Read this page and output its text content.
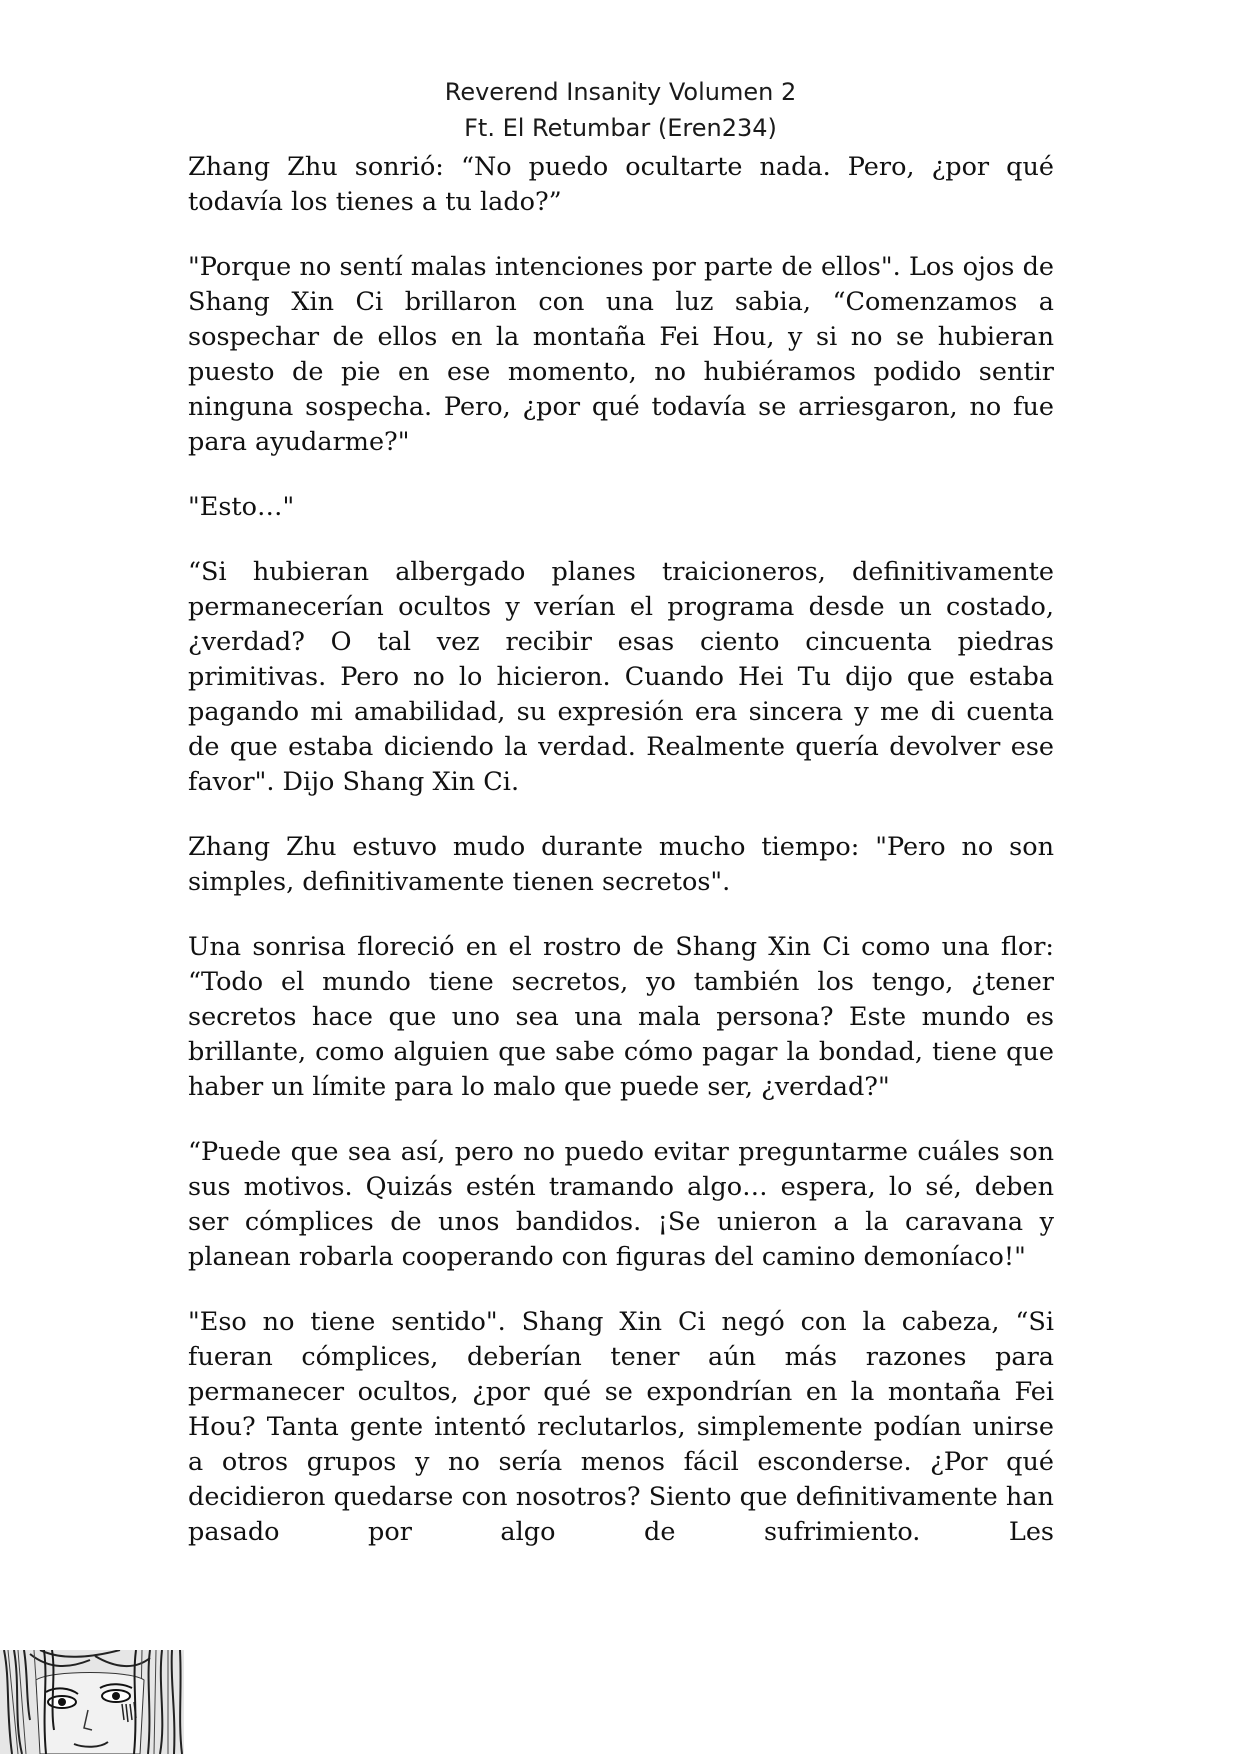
Reverend Insanity Volumen 2
Ft. El Retumbar (Eren234)

Zhang Zhu sonrió: “No puedo ocultarte nada. Pero, ¿por qué todavía los tienes a tu lado?”

"Porque no sentí malas intenciones por parte de ellos". Los ojos de Shang Xin Ci brillaron con una luz sabia, “Comenzamos a sospechar de ellos en la montaña Fei Hou, y si no se hubieran puesto de pie en ese momento, no hubiéramos podido sentir ninguna sospecha. Pero, ¿por qué todavía se arriesgaron, no fue para ayudarme?"

"Esto…"

“Si hubieran albergado planes traicioneros, definitivamente permanecerían ocultos y verían el programa desde un costado, ¿verdad? O tal vez recibir esas ciento cincuenta piedras primitivas. Pero no lo hicieron. Cuando Hei Tu dijo que estaba pagando mi amabilidad, su expresión era sincera y me di cuenta de que estaba diciendo la verdad. Realmente quería devolver ese favor". Dijo Shang Xin Ci.

Zhang Zhu estuvo mudo durante mucho tiempo: "Pero no son simples, definitivamente tienen secretos".

Una sonrisa floreció en el rostro de Shang Xin Ci como una flor: “Todo el mundo tiene secretos, yo también los tengo, ¿tener secretos hace que uno sea una mala persona? Este mundo es brillante, como alguien que sabe cómo pagar la bondad, tiene que haber un límite para lo malo que puede ser, ¿verdad?"

“Puede que sea así, pero no puedo evitar preguntarme cuáles son sus motivos. Quizás estén tramando algo… espera, lo sé, deben ser cómplices de unos bandidos. ¡Se unieron a la caravana y planean robarla cooperando con figuras del camino demoníaco!"

"Eso no tiene sentido". Shang Xin Ci negó con la cabeza, “Si fueran cómplices, deberían tener aún más razones para permanecer ocultos, ¿por qué se expondrían en la montaña Fei Hou? Tanta gente intentó reclutarlos, simplemente podían unirse a otros grupos y no sería menos fácil esconderse. ¿Por qué decidieron quedarse con nosotros? Siento que definitivamente han pasado por algo de sufrimiento. Les
